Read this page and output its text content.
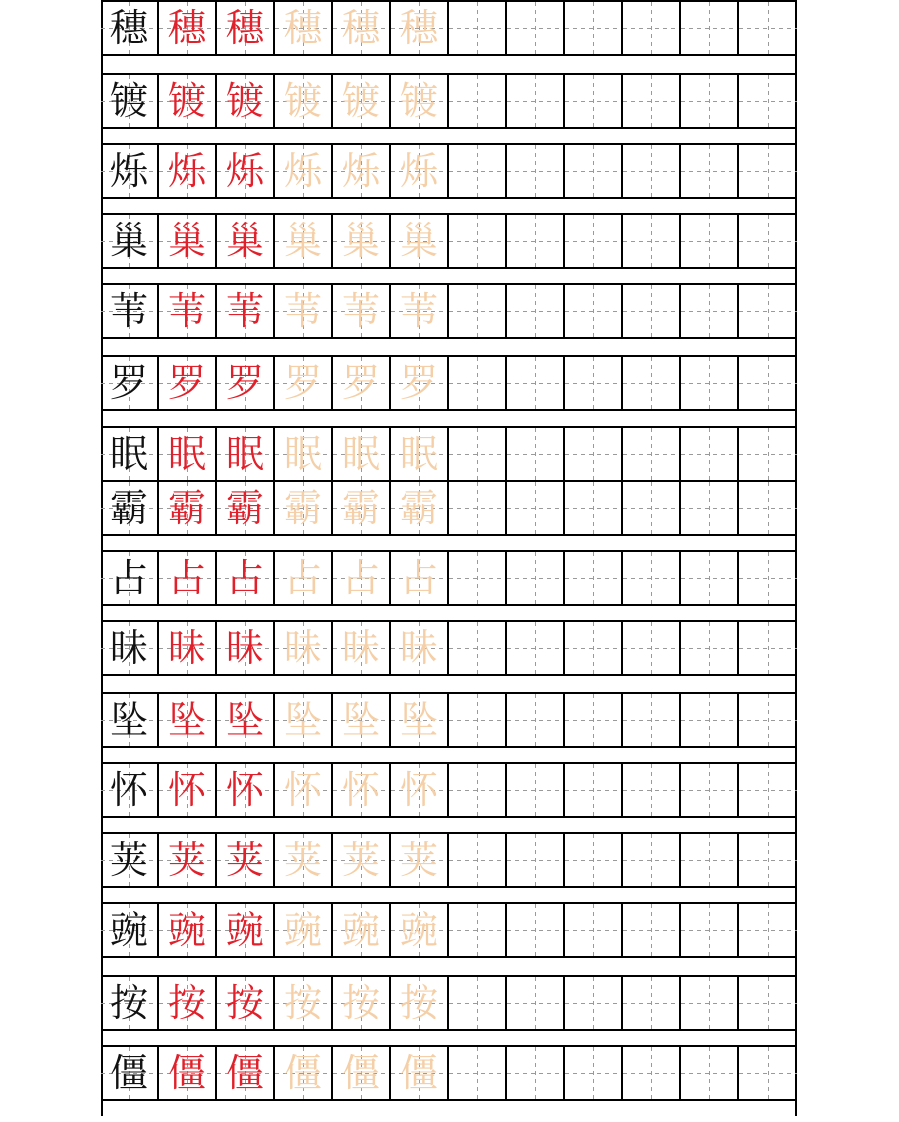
穗 穗 穗 穗 穗 穗
镀 镀 镀 镀 镀 镀
烁 烁 烁 烁 烁 烁
巢 巢 巢 巢 巢 巢
苇 苇 苇 苇 苇 苇
罗 罗 罗 罗 罗 罗
眠 眠 眠 眠 眠 眠
霸 霸 霸 霸 霸 霸
占 占 占 占 占 占
昧 昧 昧 昧 昧 昧
坠 坠 坠 坠 坠 坠
怀 怀 怀 怀 怀 怀
荚 荚 荚 荚 荚 荚
豌 豌 豌 豌 豌 豌
按 按 按 按 按 按
僵 僵 僵 僵 僵 僵
